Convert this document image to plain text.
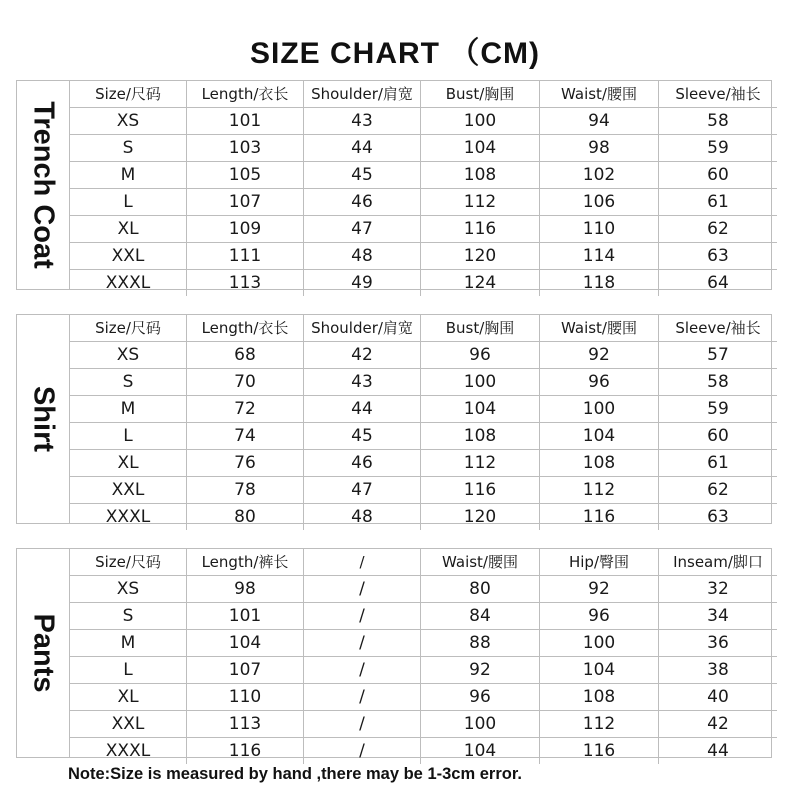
SIZE CHART （CM)
Trench Coat
Size/尺码	Length/衣长	Shoulder/肩宽	Bust/胸围	Waist/腰围	Sleeve/袖长
XS	101	43	100	94	58
S	103	44	104	98	59
M	105	45	108	102	60
L	107	46	112	106	61
XL	109	47	116	110	62
XXL	111	48	120	114	63
XXXL	113	49	124	118	64
Shirt
Size/尺码	Length/衣长	Shoulder/肩宽	Bust/胸围	Waist/腰围	Sleeve/袖长
XS	68	42	96	92	57
S	70	43	100	96	58
M	72	44	104	100	59
L	74	45	108	104	60
XL	76	46	112	108	61
XXL	78	47	116	112	62
XXXL	80	48	120	116	63
Pants
Size/尺码	Length/裤长	/	Waist/腰围	Hip/臀围	Inseam/脚口
XS	98	/	80	92	32
S	101	/	84	96	34
M	104	/	88	100	36
L	107	/	92	104	38
XL	110	/	96	108	40
XXL	113	/	100	112	42
XXXL	116	/	104	116	44
Note:Size is measured by hand ,there may be 1-3cm error.
